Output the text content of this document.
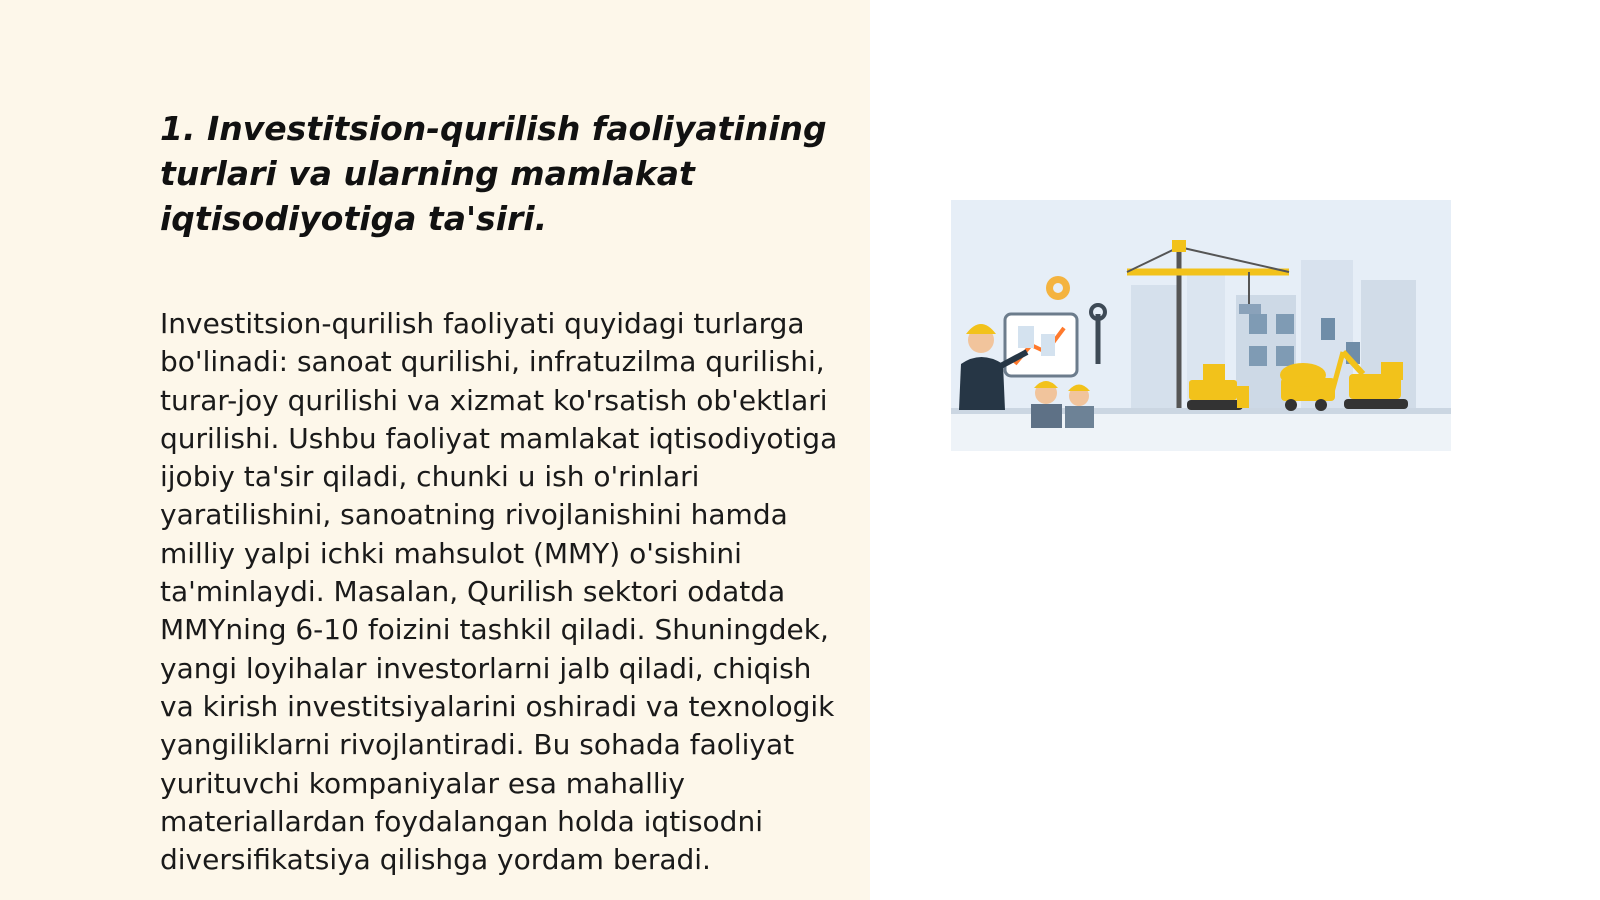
1. Investitsion-qurilish faoliyatining turlari va ularning mamlakat iqtisodiyotiga ta'siri.

Investitsion-qurilish faoliyati quyidagi turlarga bo'linadi: sanoat qurilishi, infratuzilma qurilishi, turar-joy qurilishi va xizmat ko'rsatish ob'ektlari qurilishi. Ushbu faoliyat mamlakat iqtisodiyotiga ijobiy ta'sir qiladi, chunki u ish o'rinlari yaratilishini, sanoatning rivojlanishini hamda milliy yalpi ichki mahsulot (MMY) o'sishini ta'minlaydi. Masalan, Qurilish sektori odatda MMYning 6-10 foizini tashkil qiladi. Shuningdek, yangi loyihalar investorlarni jalb qiladi, chiqish va kirish investitsiyalarini oshiradi va texnologik yangiliklarni rivojlantiradi. Bu sohada faoliyat yurituvchi kompaniyalar esa mahalliy materiallardan foydalangan holda iqtisodni diversifikatsiya qilishga yordam beradi.
